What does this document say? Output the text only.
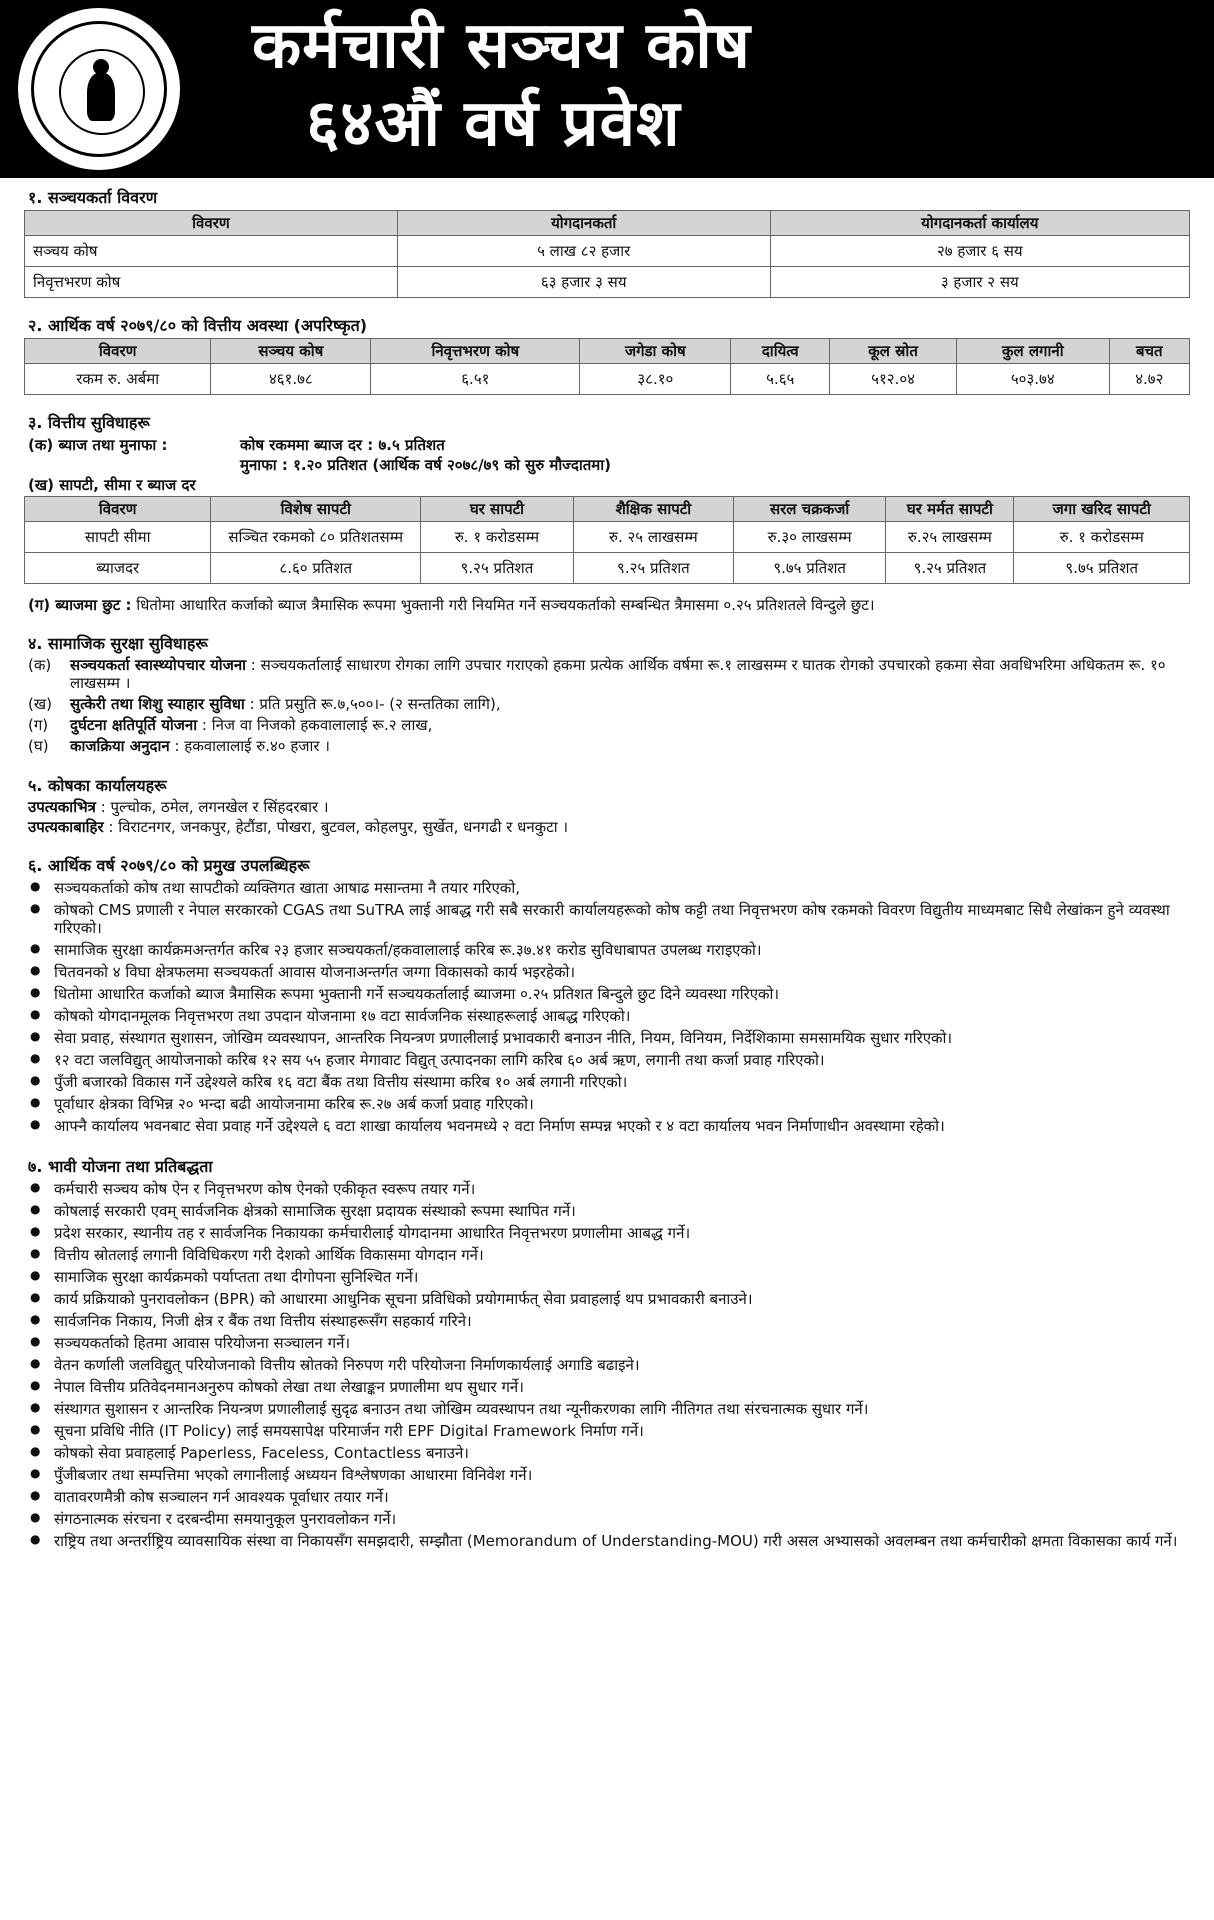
कर्मचारी सञ्चय कोष
६४औं वर्ष प्रवेश
१. सञ्चयकर्ता विवरण
विवरण	योगदानकर्ता	योगदानकर्ता कार्यालय
सञ्चय कोष	५ लाख ८२ हजार	२७ हजार ६ सय
निवृत्तभरण कोष	६३ हजार ३ सय	३ हजार २ सय
२. आर्थिक वर्ष २०७९/८० को वित्तीय अवस्था (अपरिष्कृत)
विवरण	सञ्चय कोष	निवृत्तभरण कोष	जगेडा कोष	दायित्व	कूल स्रोत	कुल लगानी	बचत
रकम रु. अर्बमा	४६१.७८	६.५१	३८.१०	५.६५	५१२.०४	५०३.७४	४.७२
३. वित्तीय सुविधाहरू
(क) ब्याज तथा मुनाफा :	कोष रकममा ब्याज दर : ७.५ प्रतिशत
मुनाफा : १.२० प्रतिशत (आर्थिक वर्ष २०७८/७९ को सुरु मौज्दातमा)
(ख) सापटी, सीमा र ब्याज दर
विवरण	विशेष सापटी	घर सापटी	शैक्षिक सापटी	सरल चक्रकर्जा	घर मर्मत सापटी	जगा खरिद सापटी
सापटी सीमा	सञ्चित रकमको ८० प्रतिशतसम्म	रु. १ करोडसम्म	रु. २५ लाखसम्म	रु.३० लाखसम्म	रु.२५ लाखसम्म	रु. १ करोडसम्म
ब्याजदर	८.६० प्रतिशत	९.२५ प्रतिशत	९.२५ प्रतिशत	९.७५ प्रतिशत	९.२५ प्रतिशत	९.७५ प्रतिशत
(ग) ब्याजमा छुट : धितोमा आधारित कर्जाको ब्याज त्रैमासिक रूपमा भुक्तानी गरी नियमित गर्ने सञ्चयकर्ताको सम्बन्धित त्रैमासमा ०.२५ प्रतिशतले विन्दुले छुट।
४. सामाजिक सुरक्षा सुविधाहरू
(क)	सञ्चयकर्ता स्वास्थ्योपचार योजना : सञ्चयकर्तालाई साधारण रोगका लागि उपचार गराएको हकमा प्रत्येक आर्थिक वर्षमा रू.१ लाखसम्म र घातक रोगको उपचारको हकमा सेवा अवधिभरिमा अधिकतम रू. १० लाखसम्म ।
(ख)	सुत्केरी तथा शिशु स्याहार सुविधा : प्रति प्रसुति रू.७,५००।- (२ सन्ततिका लागि),
(ग)	दुर्घटना क्षतिपूर्ति योजना : निज वा निजको हकवालालाई रू.२ लाख,
(घ)	काजक्रिया अनुदान : हकवालालाई रु.४० हजार ।
५. कोषका कार्यालयहरू
उपत्यकाभित्र : पुल्चोक, ठमेल, लगनखेल र सिंहदरबार ।
उपत्यकाबाहिर : विराटनगर, जनकपुर, हेटौंडा, पोखरा, बुटवल, कोहलपुर, सुर्खेत, धनगढी र धनकुटा ।
६. आर्थिक वर्ष २०७९/८० को प्रमुख उपलब्धिहरू
● सञ्चयकर्ताको कोष तथा सापटीको व्यक्तिगत खाता आषाढ मसान्तमा नै तयार गरिएको,
● कोषको CMS प्रणाली र नेपाल सरकारको CGAS तथा SuTRA लाई आबद्ध गरी सबै सरकारी कार्यालयहरूको कोष कट्टी तथा निवृत्तभरण कोष रकमको विवरण विद्युतीय माध्यमबाट सिधै लेखांकन हुने व्यवस्था गरिएको।
● सामाजिक सुरक्षा कार्यक्रमअन्तर्गत करिब २३ हजार सञ्चयकर्ता/हकवालालाई करिब रू.३७.४१ करोड सुविधाबापत उपलब्ध गराइएको।
● चितवनको ४ विघा क्षेत्रफलमा सञ्चयकर्ता आवास योजनाअन्तर्गत जग्गा विकासको कार्य भइरहेको।
● धितोमा आधारित कर्जाको ब्याज त्रैमासिक रूपमा भुक्तानी गर्ने सञ्चयकर्तालाई ब्याजमा ०.२५ प्रतिशत बिन्दुले छुट दिने व्यवस्था गरिएको।
● कोषको योगदानमूलक निवृत्तभरण तथा उपदान योजनामा १७ वटा सार्वजनिक संस्थाहरूलाई आबद्ध गरिएको।
● सेवा प्रवाह, संस्थागत सुशासन, जोखिम व्यवस्थापन, आन्तरिक नियन्त्रण प्रणालीलाई प्रभावकारी बनाउन नीति, नियम, विनियम, निर्देशिकामा समसामयिक सुधार गरिएको।
● १२ वटा जलविद्युत् आयोजनाको करिब १२ सय ५५ हजार मेगावाट विद्युत् उत्पादनका लागि करिब ६० अर्ब ऋण, लगानी तथा कर्जा प्रवाह गरिएको।
● पुँजी बजारको विकास गर्ने उद्देश्यले करिब १६ वटा बैंक तथा वित्तीय संस्थामा करिब १० अर्ब लगानी गरिएको।
● पूर्वाधार क्षेत्रका विभिन्न २० भन्दा बढी आयोजनामा करिब रू.२७ अर्ब कर्जा प्रवाह गरिएको।
● आफ्नै कार्यालय भवनबाट सेवा प्रवाह गर्ने उद्देश्यले ६ वटा शाखा कार्यालय भवनमध्ये २ वटा निर्माण सम्पन्न भएको र ४ वटा कार्यालय भवन निर्माणाधीन अवस्थामा रहेको।
७. भावी योजना तथा प्रतिबद्धता
● कर्मचारी सञ्चय कोष ऐन र निवृत्तभरण कोष ऐनको एकीकृत स्वरूप तयार गर्ने।
● कोषलाई सरकारी एवम् सार्वजनिक क्षेत्रको सामाजिक सुरक्षा प्रदायक संस्थाको रूपमा स्थापित गर्ने।
● प्रदेश सरकार, स्थानीय तह र सार्वजनिक निकायका कर्मचारीलाई योगदानमा आधारित निवृत्तभरण प्रणालीमा आबद्ध गर्ने।
● वित्तीय स्रोतलाई लगानी विविधिकरण गरी देशको आर्थिक विकासमा योगदान गर्ने।
● सामाजिक सुरक्षा कार्यक्रमको पर्याप्तता तथा दीगोपना सुनिश्चित गर्ने।
● कार्य प्रक्रियाको पुनरावलोकन (BPR) को आधारमा आधुनिक सूचना प्रविधिको प्रयोगमार्फत् सेवा प्रवाहलाई थप प्रभावकारी बनाउने।
● सार्वजनिक निकाय, निजी क्षेत्र र बैंक तथा वित्तीय संस्थाहरूसँग सहकार्य गरिने।
● सञ्चयकर्ताको हितमा आवास परियोजना सञ्चालन गर्ने।
● वेतन कर्णाली जलविद्युत् परियोजनाको वित्तीय स्रोतको निरुपण गरी परियोजना निर्माणकार्यलाई अगाडि बढाइने।
● नेपाल वित्तीय प्रतिवेदनमानअनुरुप कोषको लेखा तथा लेखाङ्कन प्रणालीमा थप सुधार गर्ने।
● संस्थागत सुशासन र आन्तरिक नियन्त्रण प्रणालीलाई सुदृढ बनाउन तथा जोखिम व्यवस्थापन तथा न्यूनीकरणका लागि नीतिगत तथा संरचनात्मक सुधार गर्ने।
● सूचना प्रविधि नीति (IT Policy) लाई समयसापेक्ष परिमार्जन गरी EPF Digital Framework निर्माण गर्ने।
● कोषको सेवा प्रवाहलाई Paperless, Faceless, Contactless बनाउने।
● पुँजीबजार तथा सम्पत्तिमा भएको लगानीलाई अध्ययन विश्लेषणका आधारमा विनिवेश गर्ने।
● वातावरणमैत्री कोष सञ्चालन गर्न आवश्यक पूर्वाधार तयार गर्ने।
● संगठनात्मक संरचना र दरबन्दीमा समयानुकूल पुनरावलोकन गर्ने।
● राष्ट्रिय तथा अन्तर्राष्ट्रिय व्यावसायिक संस्था वा निकायसँग समझदारी, सम्झौता (Memorandum of Understanding-MOU) गरी असल अभ्यासको अवलम्बन तथा कर्मचारीको क्षमता विकासका कार्य गर्ने।
